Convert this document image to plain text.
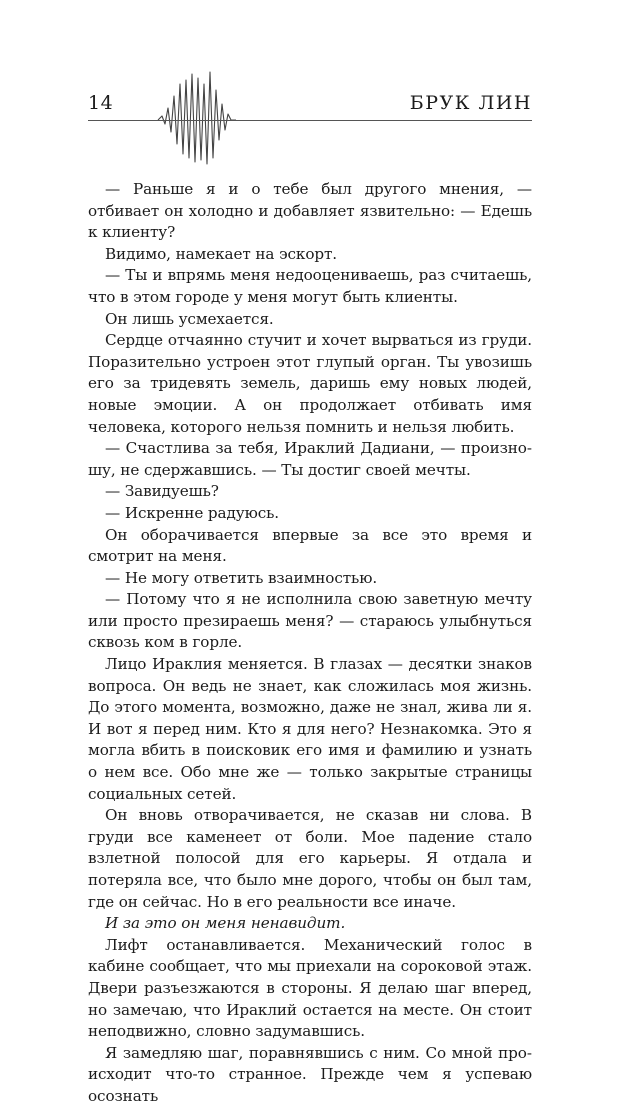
14	БРУК ЛИН

— Раньше я и о тебе был другого мнения, — отбивает он холодно и добавляет язвительно: — Едешь к клиенту?

Видимо, намекает на эскорт.

— Ты и впрямь меня недооцениваешь, раз считаешь, что в этом городе у меня могут быть клиенты.

Он лишь усмехается.

Сердце отчаянно стучит и хочет вырваться из груди. Поразительно устроен этот глупый орган. Ты увозишь его за тридевять земель, даришь ему новых людей, новые эмоции. А он продолжает отбивать имя человека, которого нельзя помнить и нельзя любить.

— Счастлива за тебя, Ираклий Дадиани, — произношу, не сдержавшись. — Ты достиг своей мечты.

— Завидуешь?

— Искренне радуюсь.

Он оборачивается впервые за все это время и смотрит на меня.

— Не могу ответить взаимностью.

— Потому что я не исполнила свою заветную мечту или просто презираешь меня? — стараюсь улыбнуться сквозь ком в горле.

Лицо Ираклия меняется. В глазах — десятки знаков вопроса. Он ведь не знает, как сложилась моя жизнь. До этого момента, возможно, даже не знал, жива ли я. И вот я перед ним. Кто я для него? Незнакомка. Это я могла вбить в поисковик его имя и фамилию и узнать о нем все. Обо мне же — только закрытые страницы социальных сетей.

Он вновь отворачивается, не сказав ни слова. В груди все каменеет от боли. Мое падение стало взлетной полосой для его карьеры. Я отдала и потеряла все, что было мне дорого, чтобы он был там, где он сейчас. Но в его реальности все иначе.

И за это он меня ненавидит.

Лифт останавливается. Механический голос в кабине сообщает, что мы приехали на сороковой этаж. Двери разъезжаются в стороны. Я делаю шаг вперед, но замечаю, что Ираклий остается на месте. Он стоит неподвижно, словно задумавшись.

Я замедляю шаг, поравнявшись с ним. Со мной происходит что-то странное. Прежде чем я успеваю осознать
